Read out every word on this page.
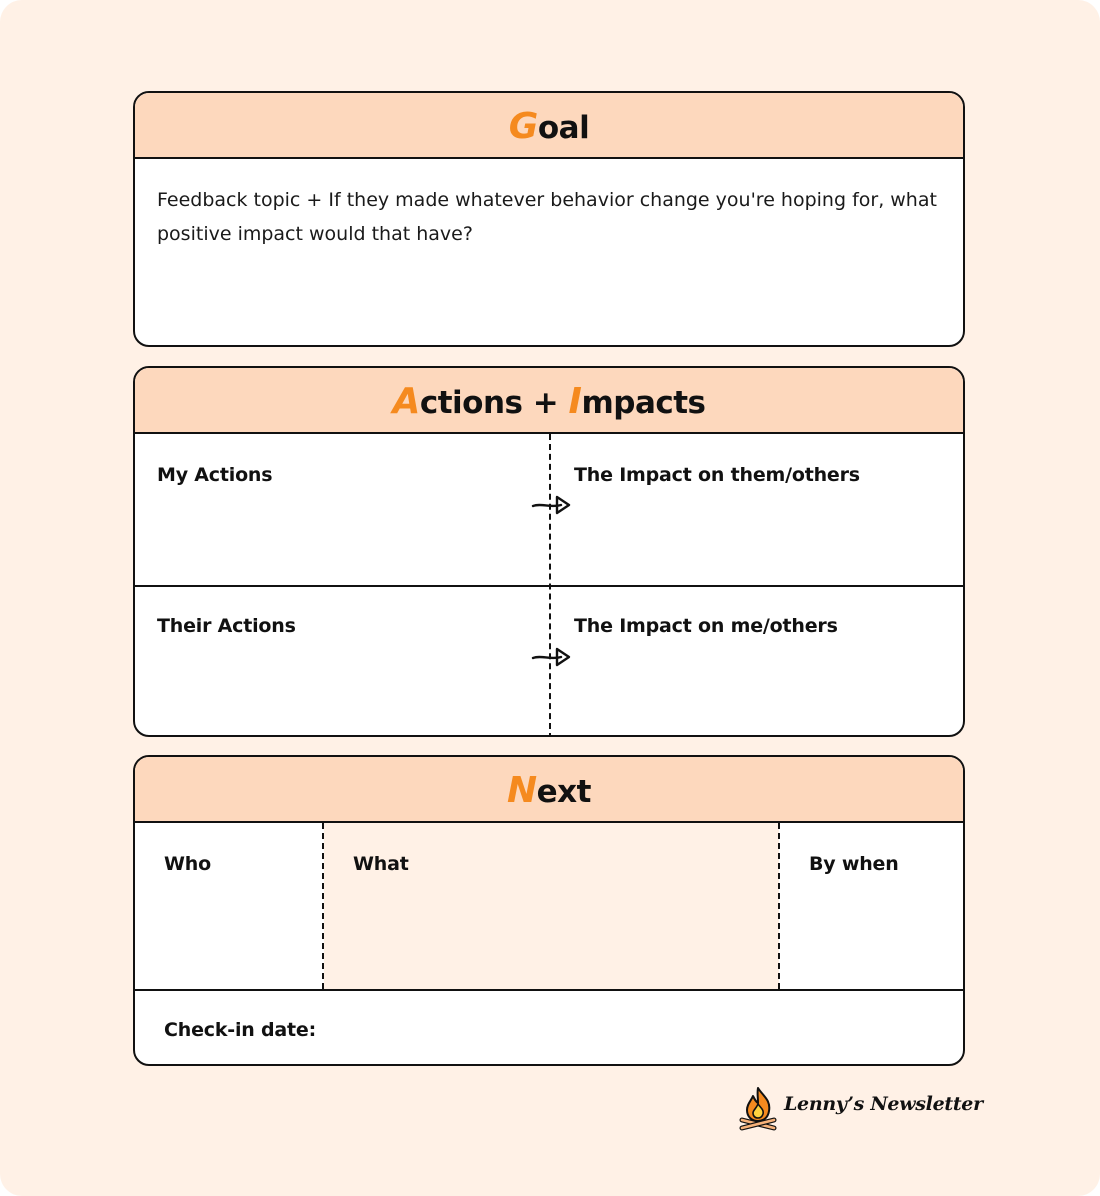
Goal
Feedback topic + If they made whatever behavior change you're hoping for, what positive impact would that have?
Actions + Impacts
My Actions	The Impact on them/others
Their Actions	The Impact on me/others
Next
Who	What	By when
Check-in date:
Lenny’s Newsletter
